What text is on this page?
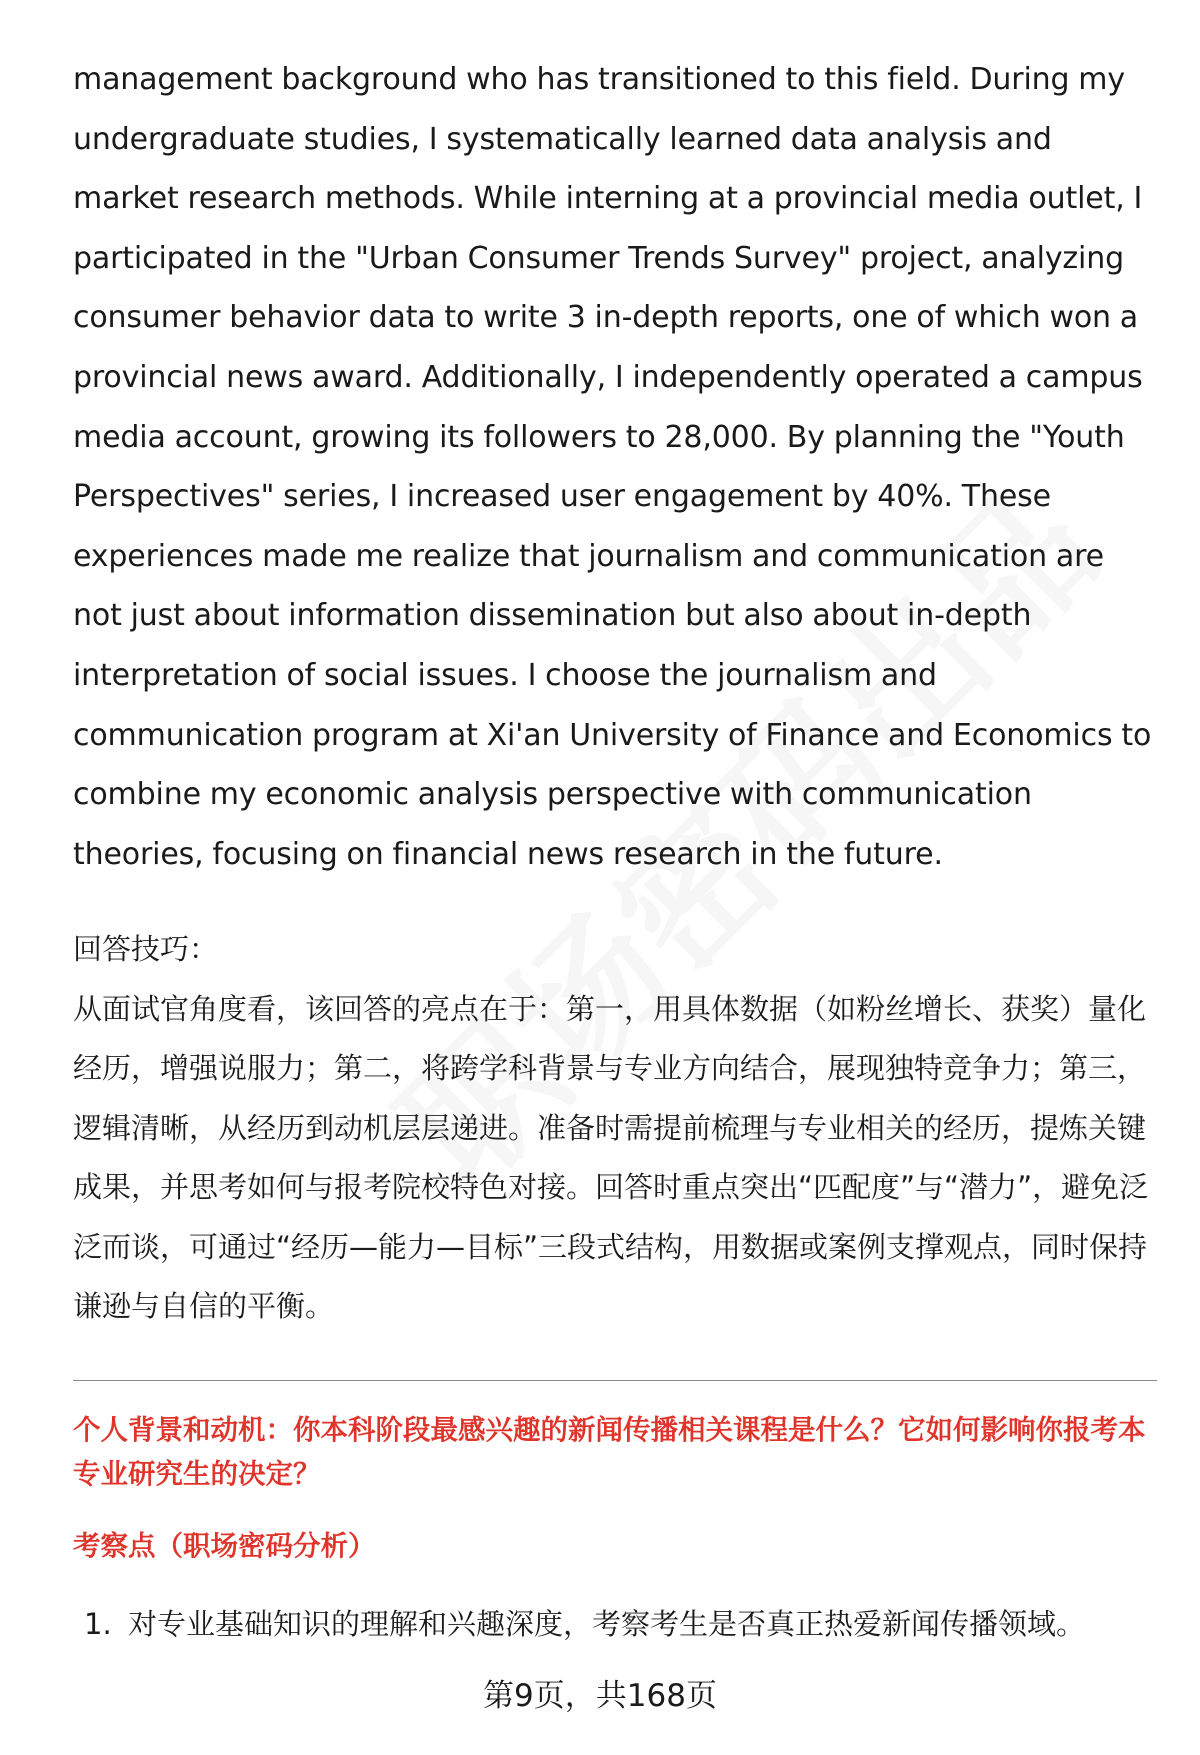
management background who has transitioned to this field. During my undergraduate studies, I systematically learned data analysis and market research methods. While interning at a provincial media outlet, I participated in the "Urban Consumer Trends Survey" project, analyzing consumer behavior data to write 3 in-depth reports, one of which won a provincial news award. Additionally, I independently operated a campus media account, growing its followers to 28,000. By planning the "Youth Perspectives" series, I increased user engagement by 40%. These experiences made me realize that journalism and communication are not just about information dissemination but also about in-depth interpretation of social issues. I choose the journalism and communication program at Xi'an University of Finance and Economics to combine my economic analysis perspective with communication theories, focusing on financial news research in the future.

回答技巧：
从面试官角度看，该回答的亮点在于：第一，用具体数据（如粉丝增长、获奖）量化经历，增强说服力；第二，将跨学科背景与专业方向结合，展现独特竞争力；第三，逻辑清晰，从经历到动机层层递进。准备时需提前梳理与专业相关的经历，提炼关键成果，并思考如何与报考院校特色对接。回答时重点突出“匹配度”与“潜力”，避免泛泛而谈，可通过“经历—能力—目标”三段式结构，用数据或案例支撑观点，同时保持谦逊与自信的平衡。
个人背景和动机：你本科阶段最感兴趣的新闻传播相关课程是什么？它如何影响你报考本专业研究生的决定？
考察点（职场密码分析）
1. 对专业基础知识的理解和兴趣深度，考察考生是否真正热爱新闻传播领域。
第9页，共168页
